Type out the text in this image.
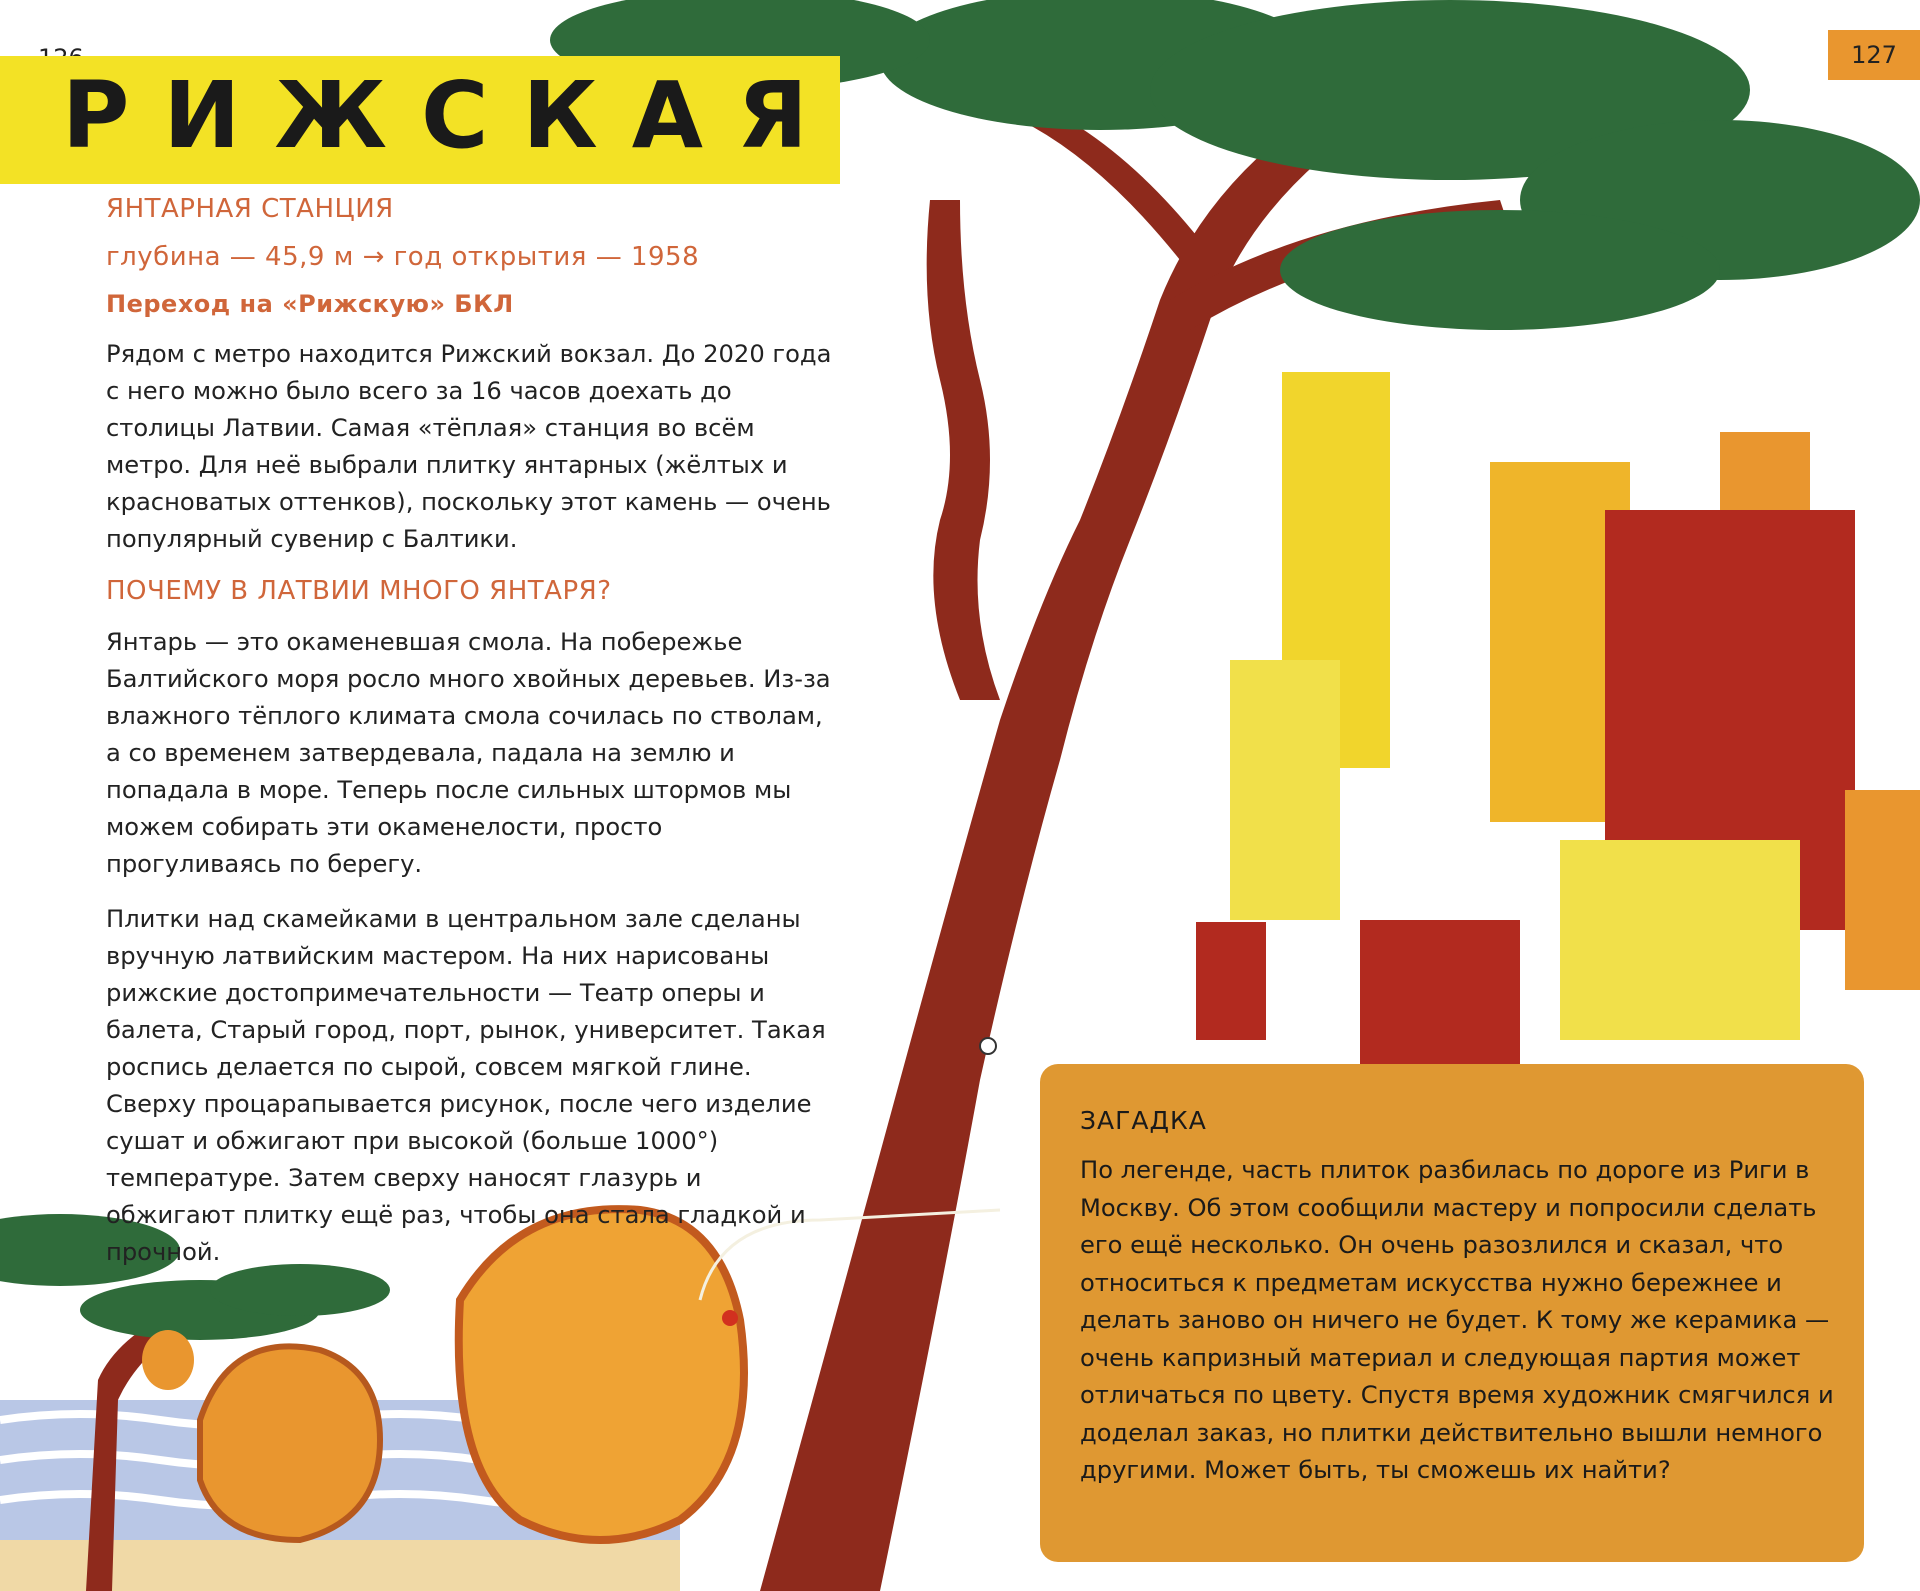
127
РИЖСКАЯ
ЯНТАРНАЯ СТАНЦИЯ
глубина — 45,9 м → год открытия — 1958
Переход на «Рижскую» БКЛ

Рядом с метро находится Рижский вокзал. До 2020 года с него можно было всего за 16 часов доехать до столицы Латвии. Самая «тёплая» станция во всём метро. Для неё выбрали плитку янтарных (жёлтых и красноватых оттенков), поскольку этот камень — очень популярный сувенир с Балтики.

ПОЧЕМУ В ЛАТВИИ МНОГО ЯНТАРЯ?

Янтарь — это окаменевшая смола. На побережье Балтийского моря росло много хвойных деревьев. Из-за влажного тёплого климата смола сочилась по стволам, а со временем затвердевала, падала на землю и попадала в море. Теперь после сильных штормов мы можем собирать эти окаменелости, просто прогуливаясь по берегу.

Плитки над скамейками в центральном зале сделаны вручную латвийским мастером. На них нарисованы рижские достопримечательности — Театр оперы и балета, Старый город, порт, рынок, университет. Такая роспись делается по сырой, совсем мягкой глине. Сверху процарапывается рисунок, после чего изделие сушат и обжигают при высокой (больше 1000°) температуре. Затем сверху наносят глазурь и обжигают плитку ещё раз, чтобы она стала гладкой и прочной.

ЗАГАДКА
По легенде, часть плиток разбилась по дороге из Риги в Москву. Об этом сообщили мастеру и попросили сделать его ещё несколько. Он очень разозлился и сказал, что относиться к предметам искусства нужно бережнее и делать заново он ничего не будет. К тому же керамика — очень капризный материал и следующая партия может отличаться по цвету. Спустя время художник смягчился и доделал заказ, но плитки действительно вышли немного другими. Может быть, ты сможешь их найти?
